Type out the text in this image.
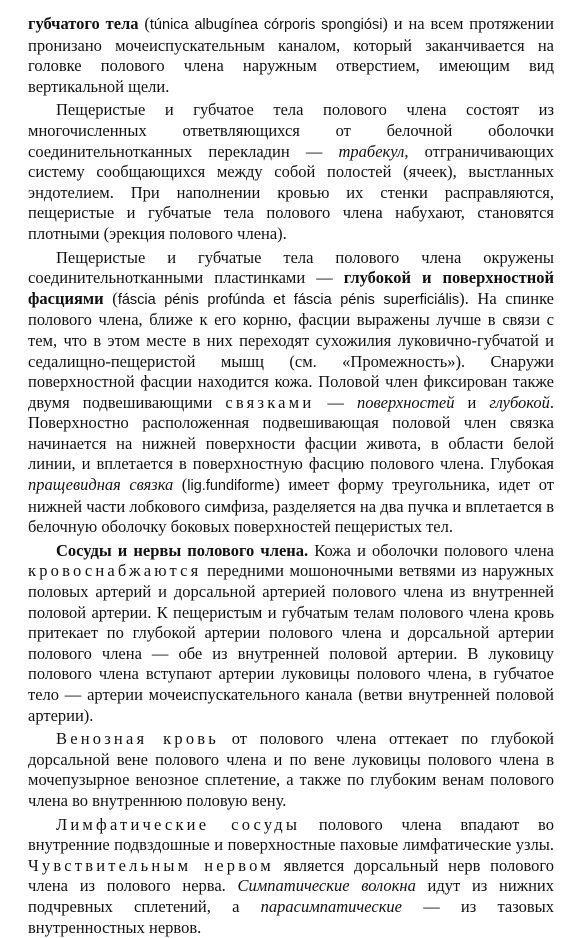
губчатого тела (túnica albugínea córporis spongiósi) и на всем протяжении пронизано мочеиспускательным каналом, который заканчивается на головке полового члена наружным отверстием, имеющим вид вертикальной щели.

Пещеристые и губчатое тела полового члена состоят из многочисленных ответвляющихся от белочной оболочки соединительнотканных перекладин — трабекул, отграничивающих систему сообщающихся между собой полостей (ячеек), выстланных эндотелием. При наполнении кровью их стенки расправляются, пещеристые и губчатые тела полового члена набухают, становятся плотными (эрекция полового члена).

Пещеристые и губчатые тела полового члена окружены соединительнотканными пластинками — глубокой и поверхностной фасциями (fáscia pénis profúnda et fáscia pénis superficiális). На спинке полового члена, ближе к его корню, фасции выражены лучше в связи с тем, что в этом месте в них переходят сухожилия луковично-губчатой и седалищно-пещеристой мышц (см. «Промежность»). Снаружи поверхностной фасции находится кожа. Половой член фиксирован также двумя подвешивающими связками — поверхностей и глубокой. Поверхностно расположенная подвешивающая половой член связка начинается на нижней поверхности фасции живота, в области белой линии, и вплетается в поверхностную фасцию полового члена. Глубокая пращевидная связка (lig.fundiforme) имеет форму треугольника, идет от нижней части лобкового симфиза, разделяется на два пучка и вплетается в белочную оболочку боковых поверхностей пещеристых тел.

Сосуды и нервы полового члена. Кожа и оболочки полового члена кровоснабжаются передними мошоночными ветвями из наружных половых артерий и дорсальной артерией полового члена из внутренней половой артерии. К пещеристым и губчатым телам полового члена кровь притекает по глубокой артерии полового члена и дорсальной артерии полового члена — обе из внутренней половой артерии. В луковицу полового члена вступают артерии луковицы полового члена, в губчатое тело — артерии мочеиспускательного канала (ветви внутренней половой артерии).

Венозная кровь от полового члена оттекает по глубокой дорсальной вене полового члена и по вене луковицы полового члена в мочепузырное венозное сплетение, а также по глубоким венам полового члена во внутреннюю половую вену.

Лимфатические сосуды полового члена впадают во внутренние подвздошные и поверхностные паховые лимфатические узлы. Чувствительным нервом является дорсальный нерв полового члена из полового нерва. Симпатические волокна идут из нижних подчревных сплетений, а парасимпатические — из тазовых внутренностных нервов.
